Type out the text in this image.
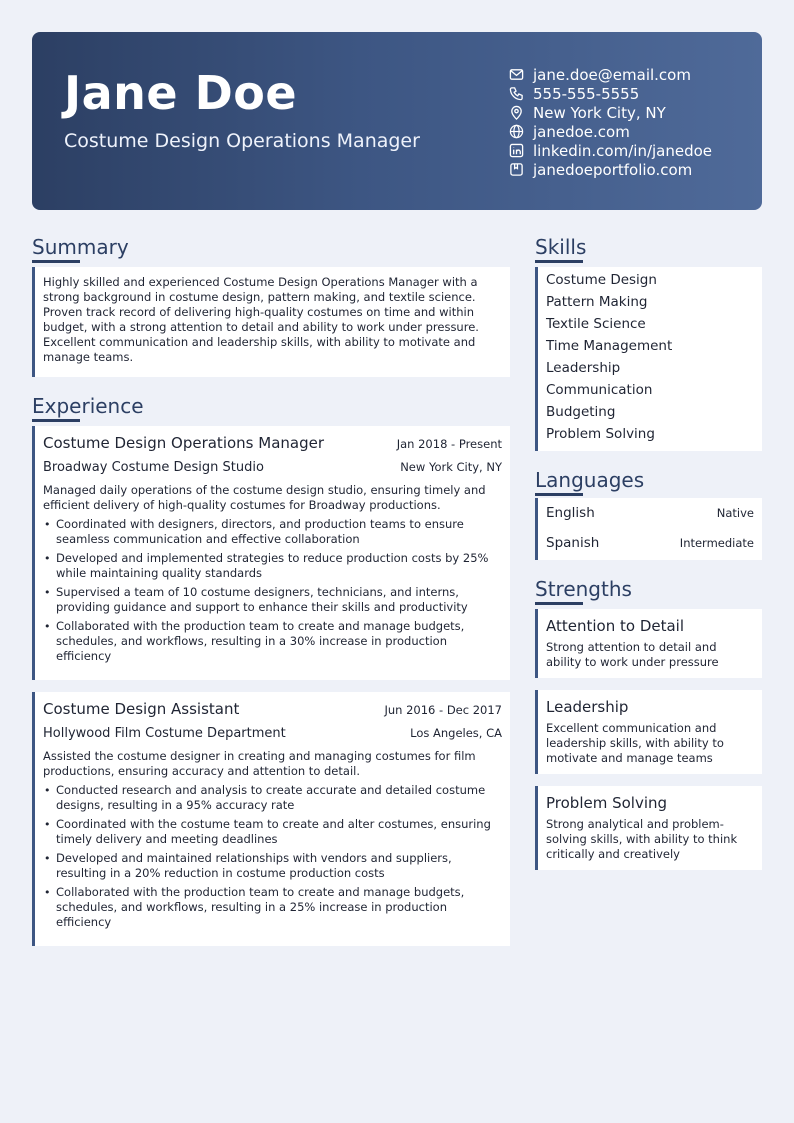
Jane Doe
Costume Design Operations Manager
jane.doe@email.com
555-555-5555
New York City, NY
janedoe.com
linkedin.com/in/janedoe
janedoeportfolio.com
Summary
Highly skilled and experienced Costume Design Operations Manager with a strong background in costume design, pattern making, and textile science. Proven track record of delivering high-quality costumes on time and within budget, with a strong attention to detail and ability to work under pressure. Excellent communication and leadership skills, with ability to motivate and manage teams.
Experience
Costume Design Operations Manager	Jan 2018 - Present
Broadway Costume Design Studio	New York City, NY
Managed daily operations of the costume design studio, ensuring timely and efficient delivery of high-quality costumes for Broadway productions.
• Coordinated with designers, directors, and production teams to ensure seamless communication and effective collaboration
• Developed and implemented strategies to reduce production costs by 25% while maintaining quality standards
• Supervised a team of 10 costume designers, technicians, and interns, providing guidance and support to enhance their skills and productivity
• Collaborated with the production team to create and manage budgets, schedules, and workflows, resulting in a 30% increase in production efficiency
Costume Design Assistant	Jun 2016 - Dec 2017
Hollywood Film Costume Department	Los Angeles, CA
Assisted the costume designer in creating and managing costumes for film productions, ensuring accuracy and attention to detail.
• Conducted research and analysis to create accurate and detailed costume designs, resulting in a 95% accuracy rate
• Coordinated with the costume team to create and alter costumes, ensuring timely delivery and meeting deadlines
• Developed and maintained relationships with vendors and suppliers, resulting in a 20% reduction in costume production costs
• Collaborated with the production team to create and manage budgets, schedules, and workflows, resulting in a 25% increase in production efficiency
Skills
Costume Design
Pattern Making
Textile Science
Time Management
Leadership
Communication
Budgeting
Problem Solving
Languages
English	Native
Spanish	Intermediate
Strengths
Attention to Detail
Strong attention to detail and ability to work under pressure
Leadership
Excellent communication and leadership skills, with ability to motivate and manage teams
Problem Solving
Strong analytical and problem-solving skills, with ability to think critically and creatively
